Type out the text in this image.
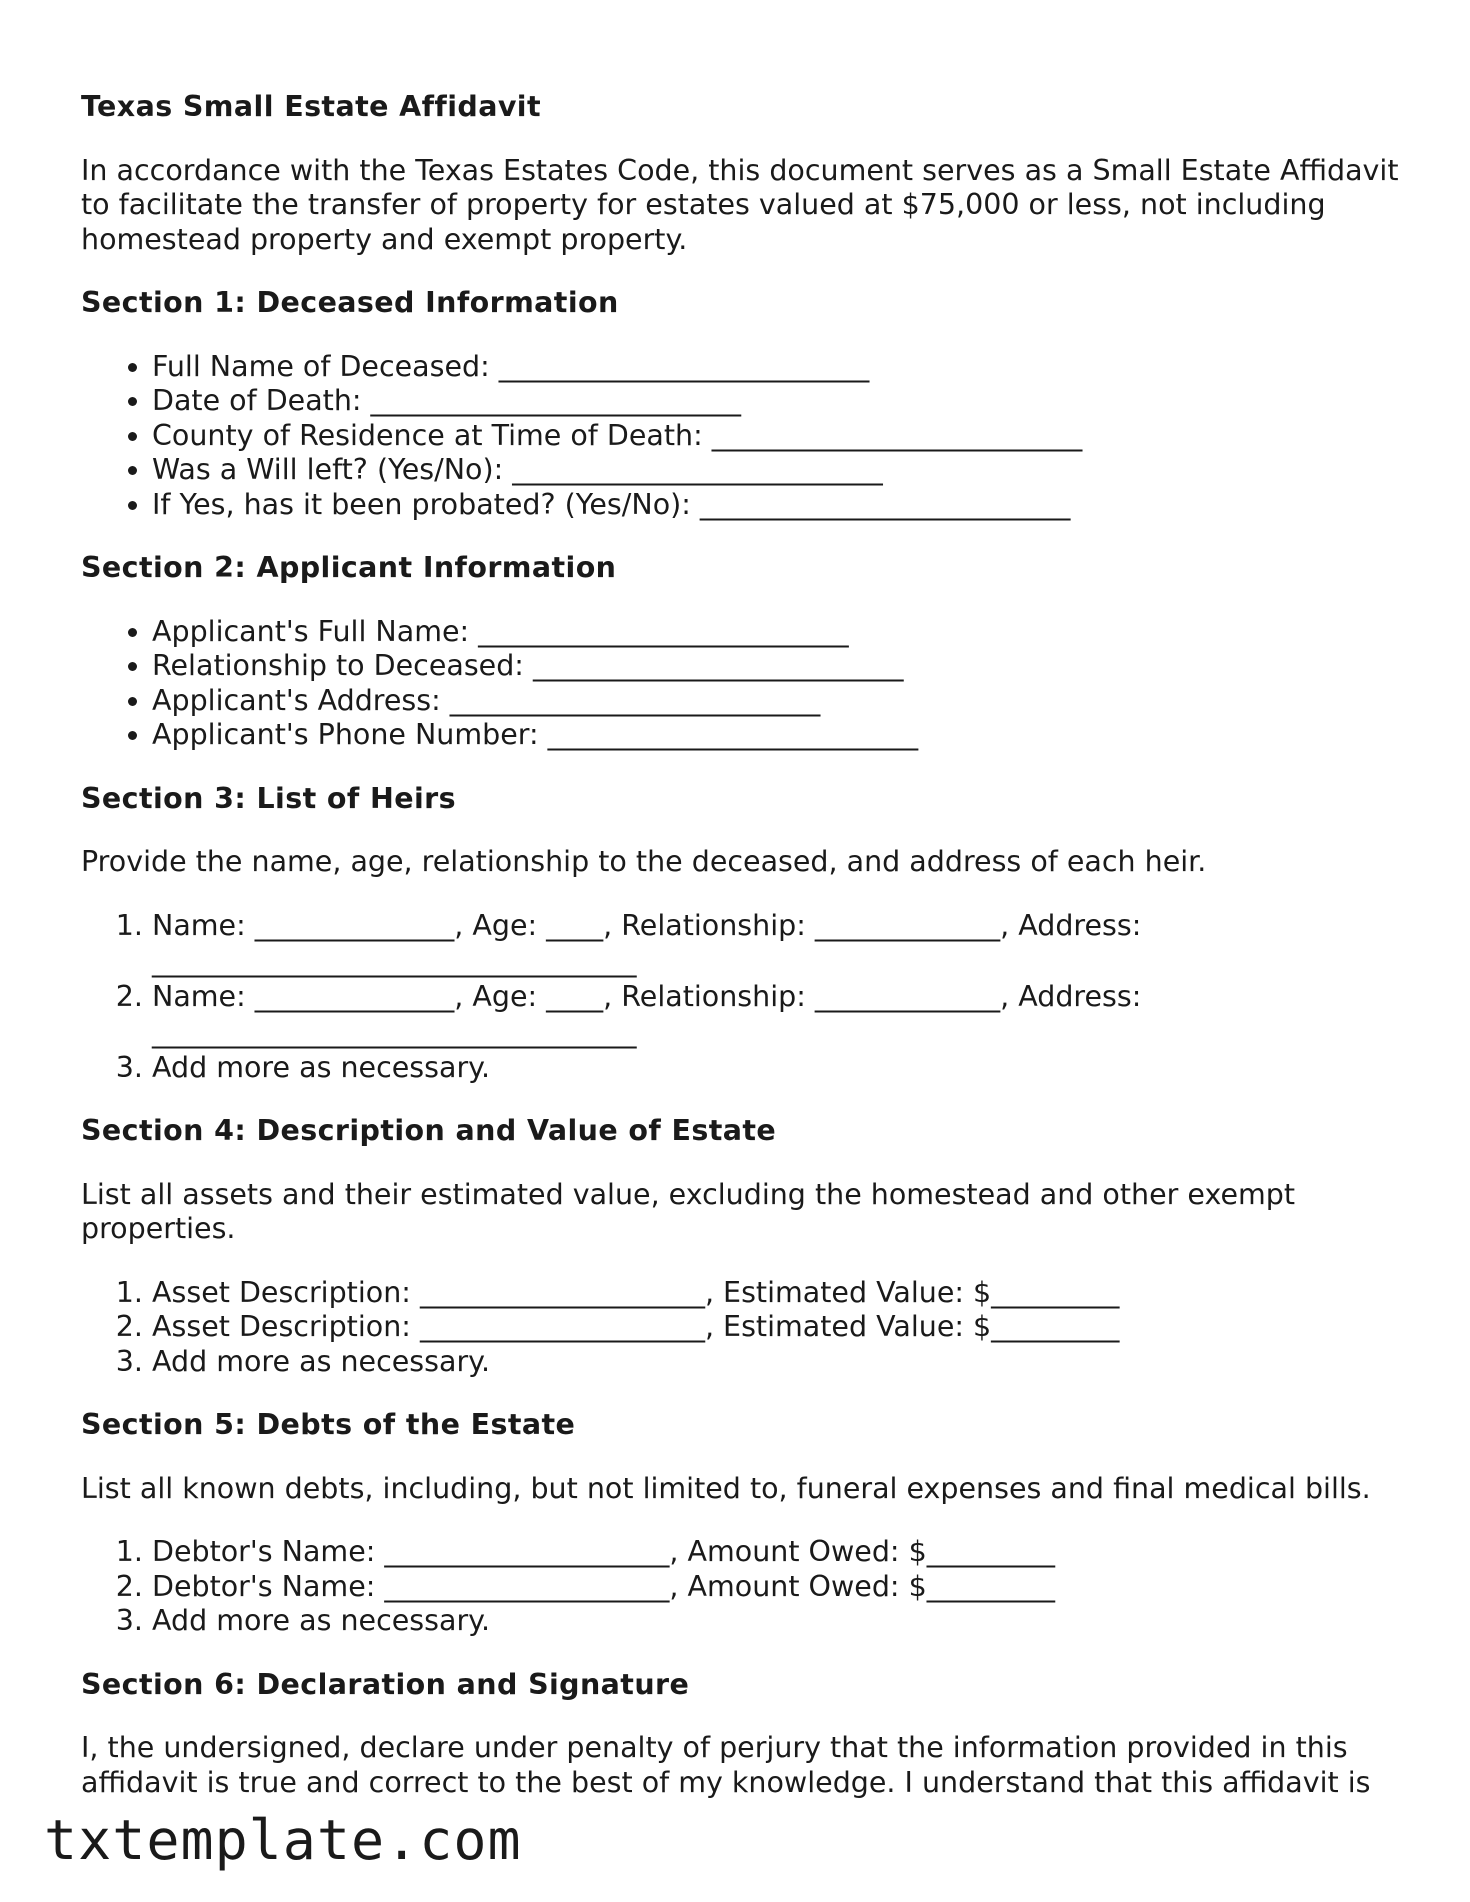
Texas Small Estate Affidavit

In accordance with the Texas Estates Code, this document serves as a Small Estate Affidavit to facilitate the transfer of property for estates valued at $75,000 or less, not including homestead property and exempt property.

Section 1: Deceased Information
• Full Name of Deceased: __________________________
• Date of Death: __________________________
• County of Residence at Time of Death: __________________________
• Was a Will left? (Yes/No): __________________________
• If Yes, has it been probated? (Yes/No): __________________________
Section 2: Applicant Information
• Applicant's Full Name: __________________________
• Relationship to Deceased: __________________________
• Applicant's Address: __________________________
• Applicant's Phone Number: __________________________
Section 3: List of Heirs

Provide the name, age, relationship to the deceased, and address of each heir.

1. Name: ______________, Age: ____, Relationship: _____________, Address:
__________________________________
2. Name: ______________, Age: ____, Relationship: _____________, Address:
__________________________________
3. Add more as necessary.
Section 4: Description and Value of Estate

List all assets and their estimated value, excluding the homestead and other exempt properties.

1. Asset Description: ____________________, Estimated Value: $_________
2. Asset Description: ____________________, Estimated Value: $_________
3. Add more as necessary.
Section 5: Debts of the Estate

List all known debts, including, but not limited to, funeral expenses and final medical bills.

1. Debtor's Name: ____________________, Amount Owed: $_________
2. Debtor's Name: ____________________, Amount Owed: $_________
3. Add more as necessary.
Section 6: Declaration and Signature

I, the undersigned, declare under penalty of perjury that the information provided in this affidavit is true and correct to the best of my knowledge. I understand that this affidavit is

txtemplate.com
